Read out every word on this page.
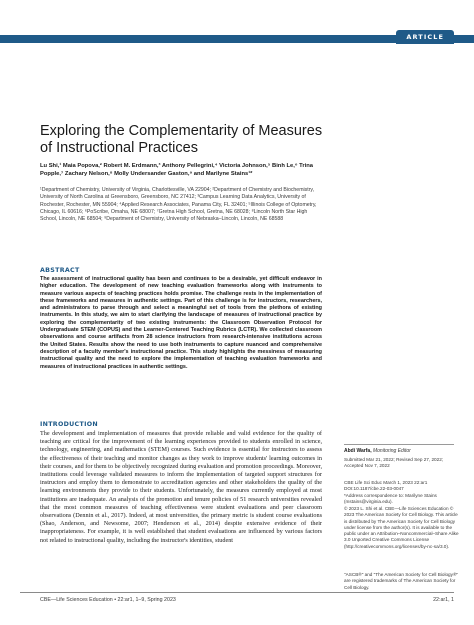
ARTICLE
Exploring the Complementarity of Measures of Instructional Practices
Lu Shi,¹ Maia Popova,² Robert M. Erdmann,³ Anthony Pellegrini,⁴ Victoria Johnson,⁵ Binh Le,⁶ Trina Popple,⁷ Zachary Nelson,⁸ Molly Undersander Gaston,⁹ and Marilyne Stains¹*
¹Department of Chemistry, University of Virginia, Charlottesville, VA 22904; ²Department of Chemistry and Biochemistry, University of North Carolina at Greensboro, Greensboro, NC 27412; ³Campus Learning Data Analytics, University of Rochester, Rochester, MN 55904; ⁴Applied Research Associates, Panama City, FL 32401; ⁵Illinois College of Optometry, Chicago, IL 60616; ⁶PoScribe, Omaha, NE 68007; ⁷Gretna High School, Gretna, NE 68028; ⁸Lincoln North Star High School, Lincoln, NE 68504; ⁹Department of Chemistry, University of Nebraska–Lincoln, Lincoln, NE 68588
ABSTRACT

The assessment of instructional quality has been and continues to be a desirable, yet difficult endeavor in higher education. The development of new teaching evaluation frameworks along with instruments to measure various aspects of teaching practices holds promise. The challenge rests in the implementation of these frameworks and measures in authentic settings. Part of this challenge is for instructors, researchers, and administrators to parse through and select a meaningful set of tools from the plethora of existing instruments. In this study, we aim to start clarifying the landscape of measures of instructional practice by exploring the complementarity of two existing instruments: the Classroom Observation Protocol for Undergraduate STEM (COPUS) and the Learner-Centered Teaching Rubrics (LCTR). We collected classroom observations and course artifacts from 28 science instructors from research-intensive institutions across the United States. Results show the need to use both instruments to capture nuanced and comprehensive description of a faculty member's instructional practice. This study highlights the messiness of measuring instructional quality and the need to explore the implementation of teaching evaluation frameworks and measures of instructional practices in authentic settings.

INTRODUCTION

The development and implementation of measures that provide reliable and valid evidence for the quality of teaching are critical for the improvement of the learning experiences provided to students enrolled in science, technology, engineering, and mathematics (STEM) courses. Such evidence is essential for instructors to assess the effectiveness of their teaching and monitor changes as they work to improve students' learning outcomes in their courses, and for them to be objectively recognized during evaluation and promotion proceedings. Moreover, institutions could leverage validated measures to inform the implementation of targeted support structures for instructors and employ them to demonstrate to accreditation agencies and other stakeholders the quality of the learning environments they provide to their students. Unfortunately, the measures currently employed at most institutions are inadequate. An analysis of the promotion and tenure policies of 51 research universities revealed that the most common measures of teaching effectiveness were student evaluations and peer classroom observations (Dennin et al., 2017). Indeed, at most universities, the primary metric is student course evaluations (Shao, Anderson, and Newsome, 2007; Henderson et al., 2014) despite extensive evidence of their inappropriateness. For example, it is well established that student evaluations are influenced by various factors not related to instructional quality, including the instructor's identities, student

Abdi Warfa, Monitoring Editor
Submitted Mar 21, 2022; Revised Sep 27, 2022; Accepted Nov 7, 2022
CBE Life Sci Educ March 1, 2023 22:ar1 DOI:10.1187/cbe.22-03-0047
*Address correspondence to: Marilyne Stains (mstains@virginia.edu).
© 2023 L. Shi et al. CBE—Life Sciences Education © 2023 The American Society for Cell Biology. This article is distributed by The American Society for Cell Biology under license from the author(s). It is available to the public under an Attribution–Noncommercial–Share Alike 3.0 Unported Creative Commons License (http://creativecommons.org/licenses/by-nc-sa/3.0).
"ASCB®" and "The American Society for Cell Biology®" are registered trademarks of The American Society for Cell Biology.
CBE—Life Sciences Education • 22:ar1, 1–9, Spring 2023	22:ar1, 1
